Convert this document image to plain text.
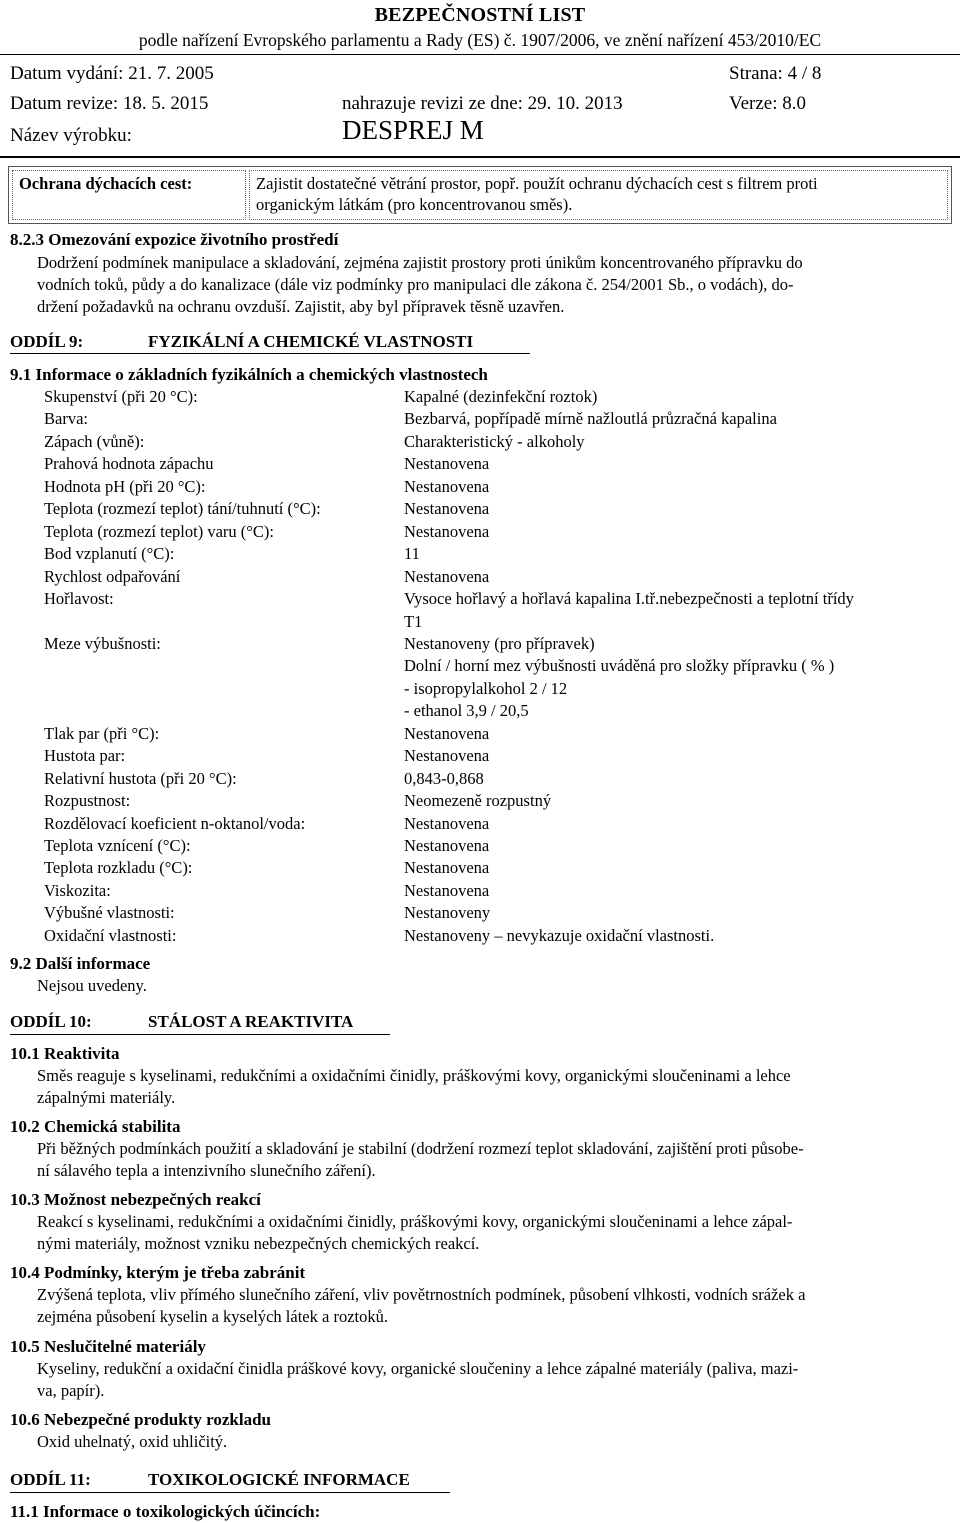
BEZPEČNOSTNÍ LIST
podle nařízení Evropského parlamentu a Rady (ES) č. 1907/2006, ve znění nařízení 453/2010/EC
Datum vydání: 21. 7. 2005	Strana: 4 / 8
Datum revize: 18. 5. 2015	nahrazuje revizi ze dne: 29. 10. 2013	Verze: 8.0
Název výrobku:	DESPREJ M
Ochrana dýchacích cest:	Zajistit dostatečné větrání prostor, popř. použít ochranu dýchacích cest s filtrem proti
organickým látkám (pro koncentrovanou směs).
8.2.3 Omezování expozice životního prostředí
Dodržení podmínek manipulace a skladování, zejména zajistit prostory proti únikům koncentrovaného přípravku do
vodních toků, půdy a do kanalizace (dále viz podmínky pro manipulaci dle zákona č. 254/2001 Sb., o vodách), do-
držení požadavků na ochranu ovzduší. Zajistit, aby byl přípravek těsně uzavřen.
ODDÍL 9:	FYZIKÁLNÍ A CHEMICKÉ VLASTNOSTI
9.1 Informace o základních fyzikálních a chemických vlastnostech
Skupenství (při 20 °C):	Kapalné (dezinfekční roztok)
Barva:	Bezbarvá, popřípadě mírně nažloutlá průzračná kapalina
Zápach (vůně):	Charakteristický - alkoholy
Prahová hodnota zápachu	Nestanovena
Hodnota pH (při 20 °C):	Nestanovena
Teplota (rozmezí teplot) tání/tuhnutí (°C):	Nestanovena
Teplota (rozmezí teplot) varu (°C):	Nestanovena
Bod vzplanutí (°C):	11
Rychlost odpařování	Nestanovena
Hořlavost:	Vysoce hořlavý a hořlavá kapalina I.tř.nebezpečnosti a teplotní třídy
T1
Meze výbušnosti:	Nestanoveny (pro přípravek)
Dolní / horní mez výbušnosti uváděná pro složky přípravku ( % )
- isopropylalkohol 2 / 12
- ethanol 3,9 / 20,5
Tlak par (při °C):	Nestanovena
Hustota par:	Nestanovena
Relativní hustota (při 20 °C):	0,843-0,868
Rozpustnost:	Neomezeně rozpustný
Rozdělovací koeficient n-oktanol/voda:	Nestanovena
Teplota vznícení (°C):	Nestanovena
Teplota rozkladu (°C):	Nestanovena
Viskozita:	Nestanovena
Výbušné vlastnosti:	Nestanoveny
Oxidační vlastnosti:	Nestanoveny – nevykazuje oxidační vlastnosti.
9.2 Další informace
Nejsou uvedeny.
ODDÍL 10:	STÁLOST A REAKTIVITA
10.1 Reaktivita
Směs reaguje s kyselinami, redukčními a oxidačními činidly, práškovými kovy, organickými sloučeninami a lehce
zápalnými materiály.
10.2 Chemická stabilita
Při běžných podmínkách použití a skladování je stabilní (dodržení rozmezí teplot skladování, zajištění proti působe-
ní sálavého tepla a intenzivního slunečního záření).
10.3 Možnost nebezpečných reakcí
Reakcí s kyselinami, redukčními a oxidačními činidly, práškovými kovy, organickými sloučeninami a lehce zápal-
nými materiály, možnost vzniku nebezpečných chemických reakcí.
10.4 Podmínky, kterým je třeba zabránit
Zvýšená teplota, vliv přímého slunečního záření, vliv povětrnostních podmínek, působení vlhkosti, vodních srážek a
zejména působení kyselin a kyselých látek a roztoků.
10.5 Neslučitelné materiály
Kyseliny, redukční a oxidační činidla práškové kovy, organické sloučeniny a lehce zápalné materiály (paliva, mazi-
va, papír).
10.6 Nebezpečné produkty rozkladu
Oxid uhelnatý, oxid uhličitý.
ODDÍL 11:	TOXIKOLOGICKÉ INFORMACE
11.1 Informace o toxikologických účincích:
